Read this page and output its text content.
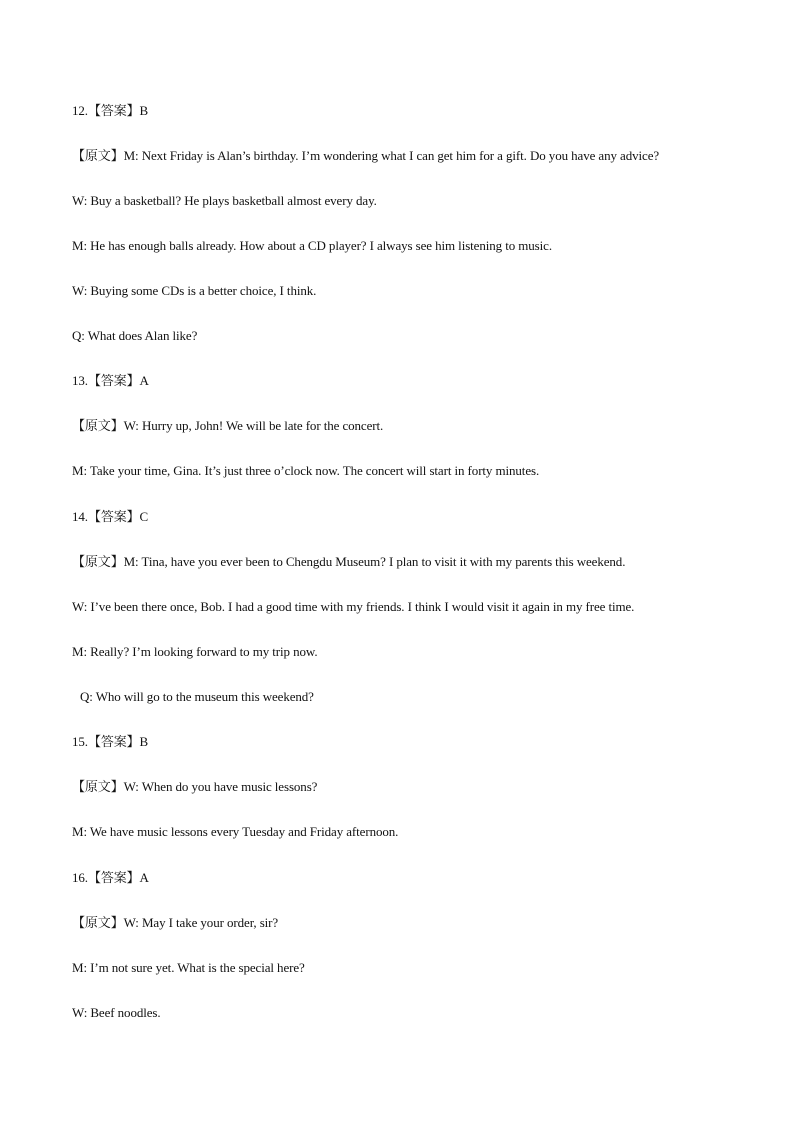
12.【答案】B
【原文】M: Next Friday is Alan’s birthday. I’m wondering what I can get him for a gift. Do you have any advice?
W: Buy a basketball? He plays basketball almost every day.
M: He has enough balls already. How about a CD player? I always see him listening to music.
W: Buying some CDs is a better choice, I think.
Q: What does Alan like?
13.【答案】A
【原文】W: Hurry up, John! We will be late for the concert.
M: Take your time, Gina. It’s just three o’clock now. The concert will start in forty minutes.
14.【答案】C
【原文】M: Tina, have you ever been to Chengdu Museum? I plan to visit it with my parents this weekend.
W: I’ve been there once, Bob. I had a good time with my friends. I think I would visit it again in my free time.
M: Really? I’m looking forward to my trip now.
Q: Who will go to the museum this weekend?
15.【答案】B
【原文】W: When do you have music lessons?
M: We have music lessons every Tuesday and Friday afternoon.
16.【答案】A
【原文】W: May I take your order, sir?
M: I’m not sure yet. What is the special here?
W: Beef noodles.
